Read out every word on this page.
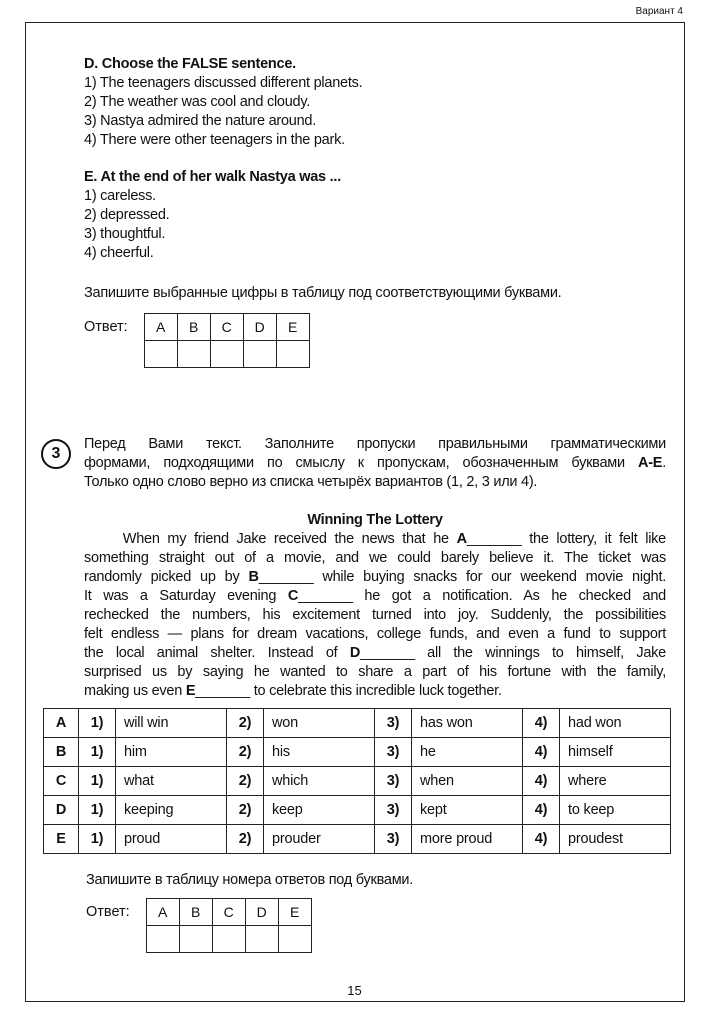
Вариант 4
D. Choose the FALSE sentence.
1) The teenagers discussed different planets.
2) The weather was cool and cloudy.
3) Nastya admired the nature around.
4) There were other teenagers in the park.
E. At the end of her walk Nastya was ...
1) careless.
2) depressed.
3) thoughtful.
4) cheerful.
Запишите выбранные цифры в таблицу под соответствующими буквами.
Ответ: A	B	C	D	E

3
Перед Вами текст. Заполните пропуски правильными грамматическими
формами, подходящими по смыслу к пропускам, обозначенным буквами A-E.
Только одно слово верно из списка четырёх вариантов (1, 2, 3 или 4).
Winning The Lottery
When my friend Jake received the news that he A_______ the lottery, it felt like
something straight out of a movie, and we could barely believe it. The ticket was
randomly picked up by B_______ while buying snacks for our weekend movie night.
It was a Saturday evening C_______ he got a notification. As he checked and
rechecked the numbers, his excitement turned into joy. Suddenly, the possibilities
felt endless — plans for dream vacations, college funds, and even a fund to support
the local animal shelter. Instead of D_______ all the winnings to himself, Jake
surprised us by saying he wanted to share a part of his fortune with the family,
making us even E_______ to celebrate this incredible luck together.
A	1)	will win	2)	won	3)	has won	4)	had won
B	1)	him	2)	his	3)	he	4)	himself
C	1)	what	2)	which	3)	when	4)	where
D	1)	keeping	2)	keep	3)	kept	4)	to keep
E	1)	proud	2)	prouder	3)	more proud	4)	proudest
Запишите в таблицу номера ответов под буквами.
Ответ: A	B	C	D	E

15
